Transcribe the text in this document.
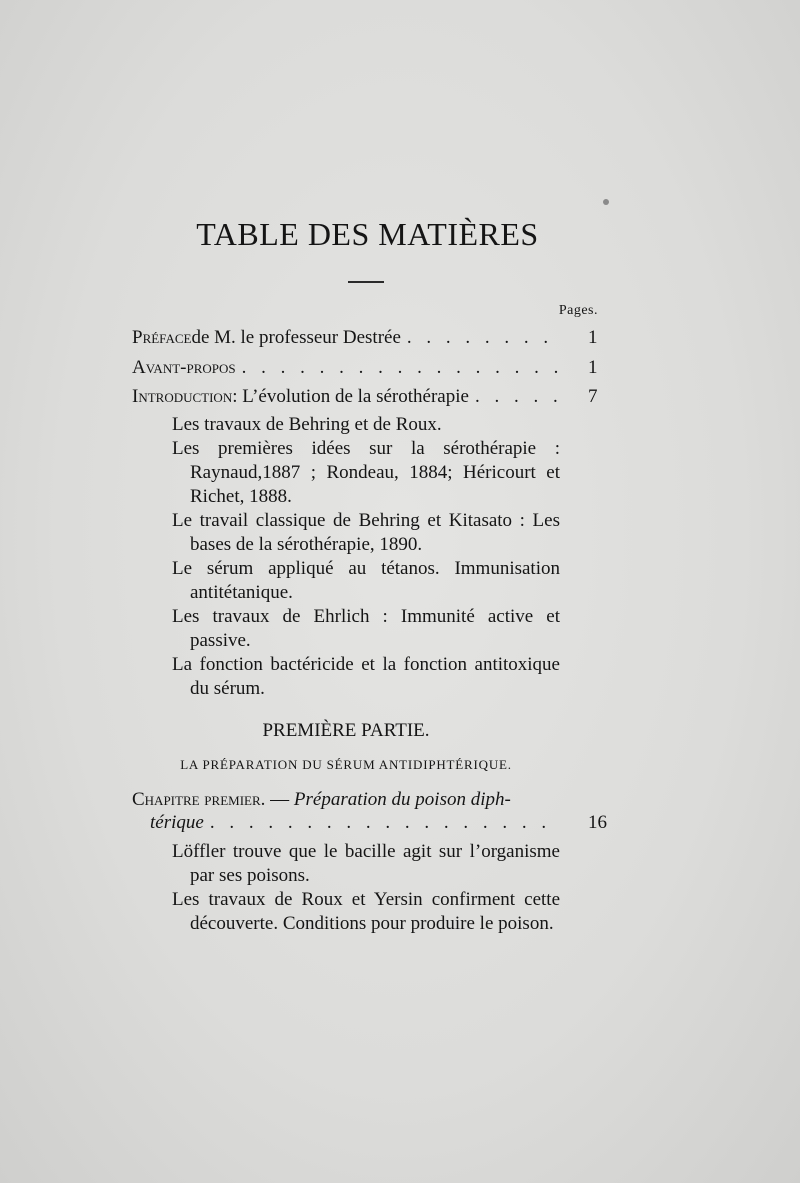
TABLE DES MATIÈRES
Pages.
Préface de M. le professeur Destrée . . .	1
Avant-propos . . .	1
Introduction : L’évolution de la sérothérapie . . .	7

Les travaux de Behring et de Roux.

Les premières idées sur la sérothérapie : Raynaud,1887 ; Rondeau, 1884; Héricourt et Richet, 1888.

Le travail classique de Behring et Kitasato : Les bases de la sérothérapie, 1890.

Le sérum appliqué au tétanos. Immunisation antitétanique.

Les travaux de Ehrlich : Immunité active et passive.

La fonction bactéricide et la fonction antitoxique du sérum.

PREMIÈRE PARTIE.
LA PRÉPARATION DU SÉRUM ANTIDIPHTÉRIQUE.
Chapitre premier. — Préparation du poison diph-
térique . . .	16

Löffler trouve que le bacille agit sur l’organisme par ses poisons.

Les travaux de Roux et Yersin confirment cette découverte. Conditions pour produire le poison.
